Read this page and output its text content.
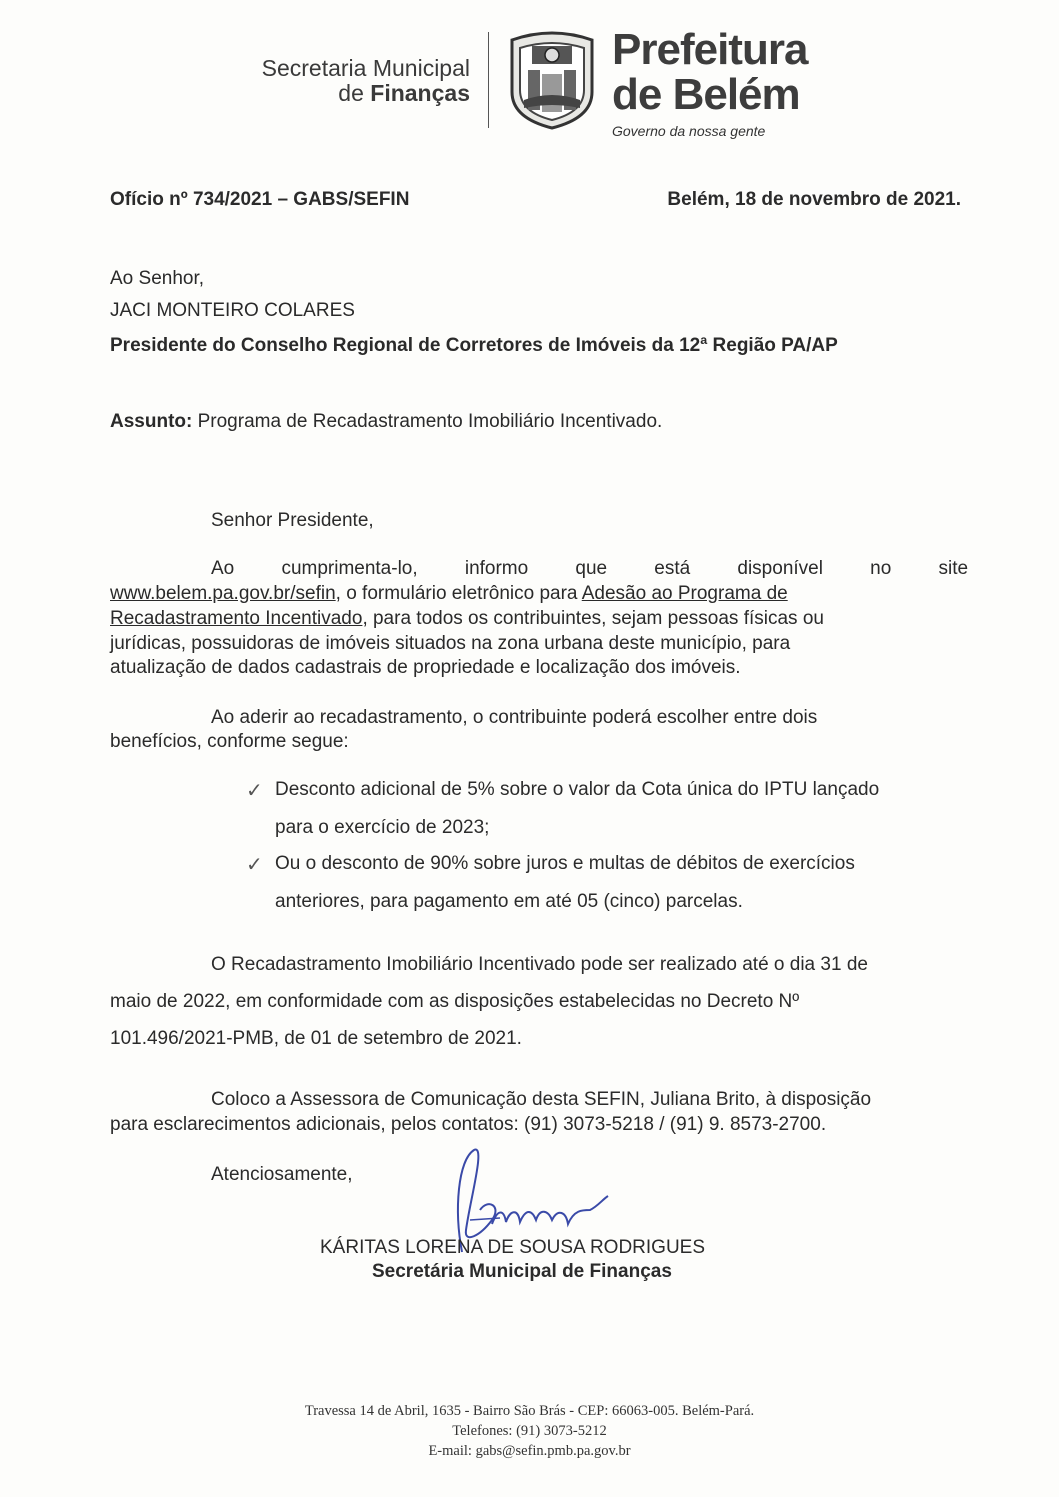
Secretaria Municipal
de Finanças
Prefeitura
de Belém
Governo da nossa gente
Ofício nº 734/2021 – GABS/SEFIN	Belém, 18 de novembro de 2021.
Ao Senhor,
JACI MONTEIRO COLARES
Presidente do Conselho Regional de Corretores de Imóveis da 12ª Região PA/AP
Assunto: Programa de Recadastramento Imobiliário Incentivado.
Senhor Presidente,
Ao cumprimenta-lo, informo que está disponível no site
www.belem.pa.gov.br/sefin, o formulário eletrônico para Adesão ao Programa de
Recadastramento Incentivado, para todos os contribuintes, sejam pessoas físicas ou
jurídicas, possuidoras de imóveis situados na zona urbana deste município, para
atualização de dados cadastrais de propriedade e localização dos imóveis.
Ao aderir ao recadastramento, o contribuinte poderá escolher entre dois
benefícios, conforme segue:
✓ Desconto adicional de 5% sobre o valor da Cota única do IPTU lançado
para o exercício de 2023;
✓ Ou o desconto de 90% sobre juros e multas de débitos de exercícios
anteriores, para pagamento em até 05 (cinco) parcelas.
O Recadastramento Imobiliário Incentivado pode ser realizado até o dia 31 de
maio de 2022, em conformidade com as disposições estabelecidas no Decreto Nº
101.496/2021-PMB, de 01 de setembro de 2021.
Coloco a Assessora de Comunicação desta SEFIN, Juliana Brito, à disposição
para esclarecimentos adicionais, pelos contatos: (91) 3073-5218 / (91) 9. 8573-2700.
Atenciosamente,
KÁRITAS LORENA DE SOUSA RODRIGUES
Secretária Municipal de Finanças
Travessa 14 de Abril, 1635 - Bairro São Brás - CEP: 66063-005. Belém-Pará.
Telefones: (91) 3073-5212
E-mail: gabs@sefin.pmb.pa.gov.br
